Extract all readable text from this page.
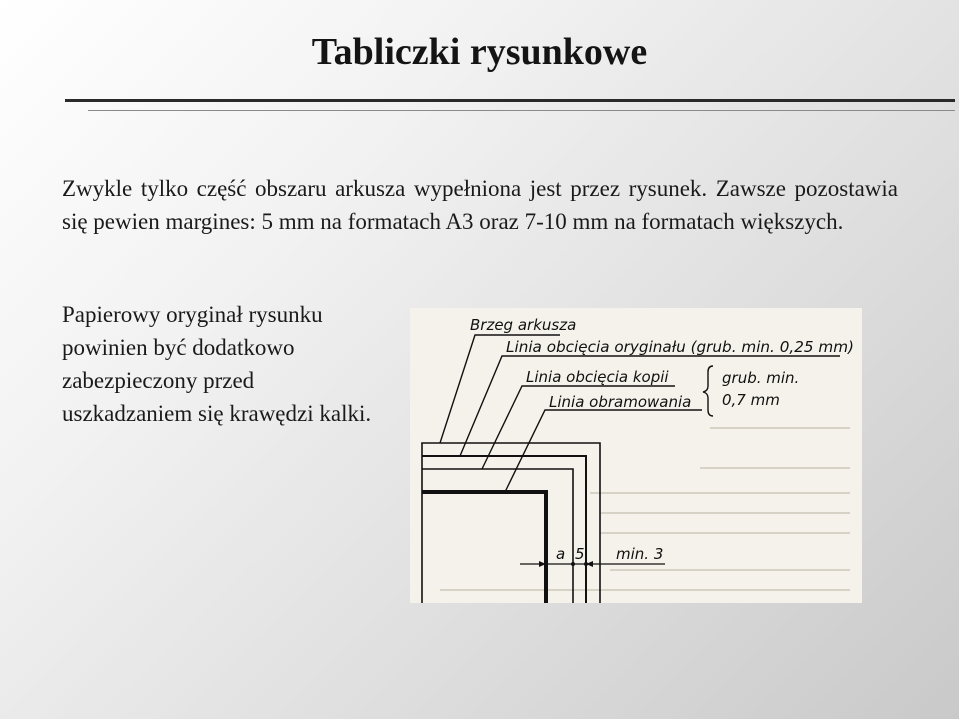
Tabliczki rysunkowe

Zwykle tylko część obszaru arkusza wypełniona jest przez rysunek. Zawsze pozostawia się pewien margines: 5 mm na formatach A3 oraz 7-10 mm na formatach większych.

Papierowy oryginał rysunku powinien być dodatkowo zabezpieczony przed uszkadzaniem się krawędzi kalki.

Brzeg arkusza
Linia obcięcia oryginału (grub. min. 0,25 mm)
Linia obcięcia kopii
Linia obramowania
grub. min.
0,7 mm
a 5 min. 3
